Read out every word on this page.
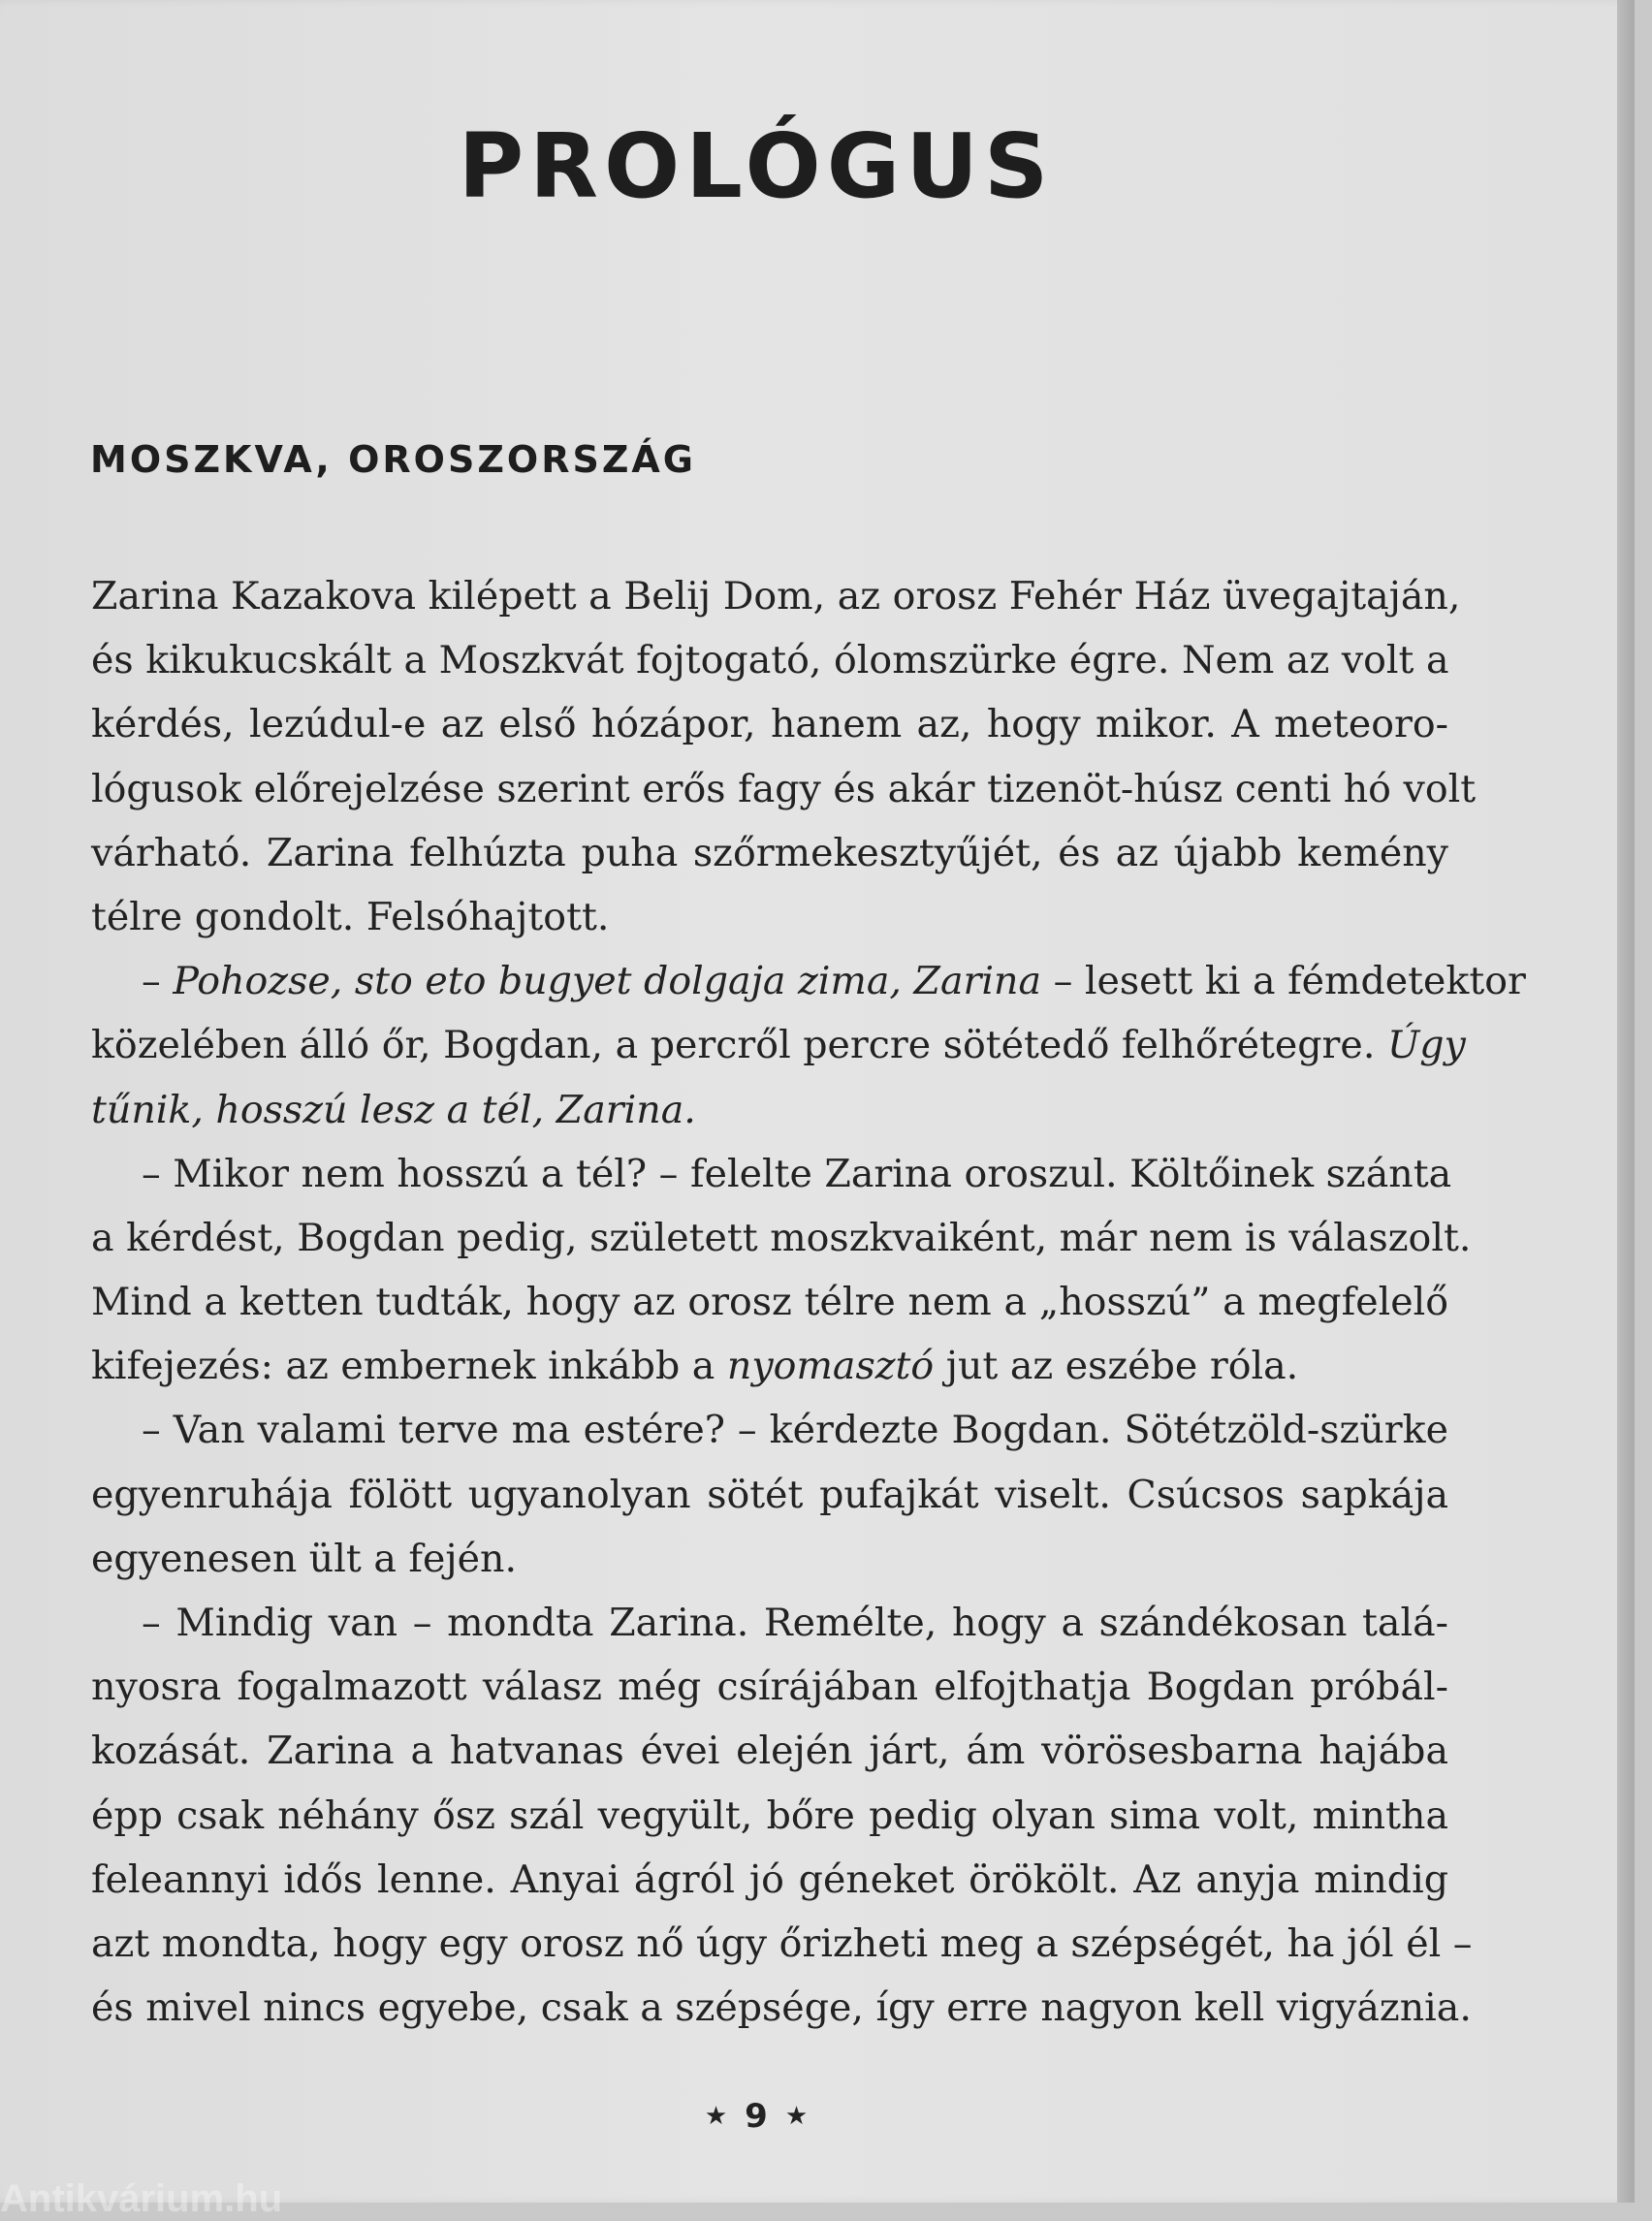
PROLÓGUS
MOSZKVA, OROSZORSZÁG
Zarina Kazakova kilépett a Belij Dom, az orosz Fehér Ház üvegajtaján,
és kikukucskált a Moszkvát fojtogató, ólomszürke égre. Nem az volt a
kérdés, lezúdul-e az első hózápor, hanem az, hogy mikor. A meteoro-
lógusok előrejelzése szerint erős fagy és akár tizenöt-húsz centi hó volt
várható. Zarina felhúzta puha szőrmekesztyűjét, és az újabb kemény
télre gondolt. Felsóhajtott.
– Pohozse, sto eto bugyet dolgaja zima, Zarina – lesett ki a fémdetektor
közelében álló őr, Bogdan, a percről percre sötétedő felhőrétegre. Úgy
tűnik, hosszú lesz a tél, Zarina.
– Mikor nem hosszú a tél? – felelte Zarina oroszul. Költőinek szánta
a kérdést, Bogdan pedig, született moszkvaiként, már nem is válaszolt.
Mind a ketten tudták, hogy az orosz télre nem a „hosszú” a megfelelő
kifejezés: az embernek inkább a nyomasztó jut az eszébe róla.
– Van valami terve ma estére? – kérdezte Bogdan. Sötétzöld-szürke
egyenruhája fölött ugyanolyan sötét pufajkát viselt. Csúcsos sapkája
egyenesen ült a fején.
– Mindig van – mondta Zarina. Remélte, hogy a szándékosan talá-
nyosra fogalmazott válasz még csírájában elfojthatja Bogdan próbál-
kozását. Zarina a hatvanas évei elején járt, ám vörösesbarna hajába
épp csak néhány ősz szál vegyült, bőre pedig olyan sima volt, mintha
feleannyi idős lenne. Anyai ágról jó géneket örökölt. Az anyja mindig
azt mondta, hogy egy orosz nő úgy őrizheti meg a szépségét, ha jól él –
és mivel nincs egyebe, csak a szépsége, így erre nagyon kell vigyáznia.
★ 9 ★
Antikvárium.hu
